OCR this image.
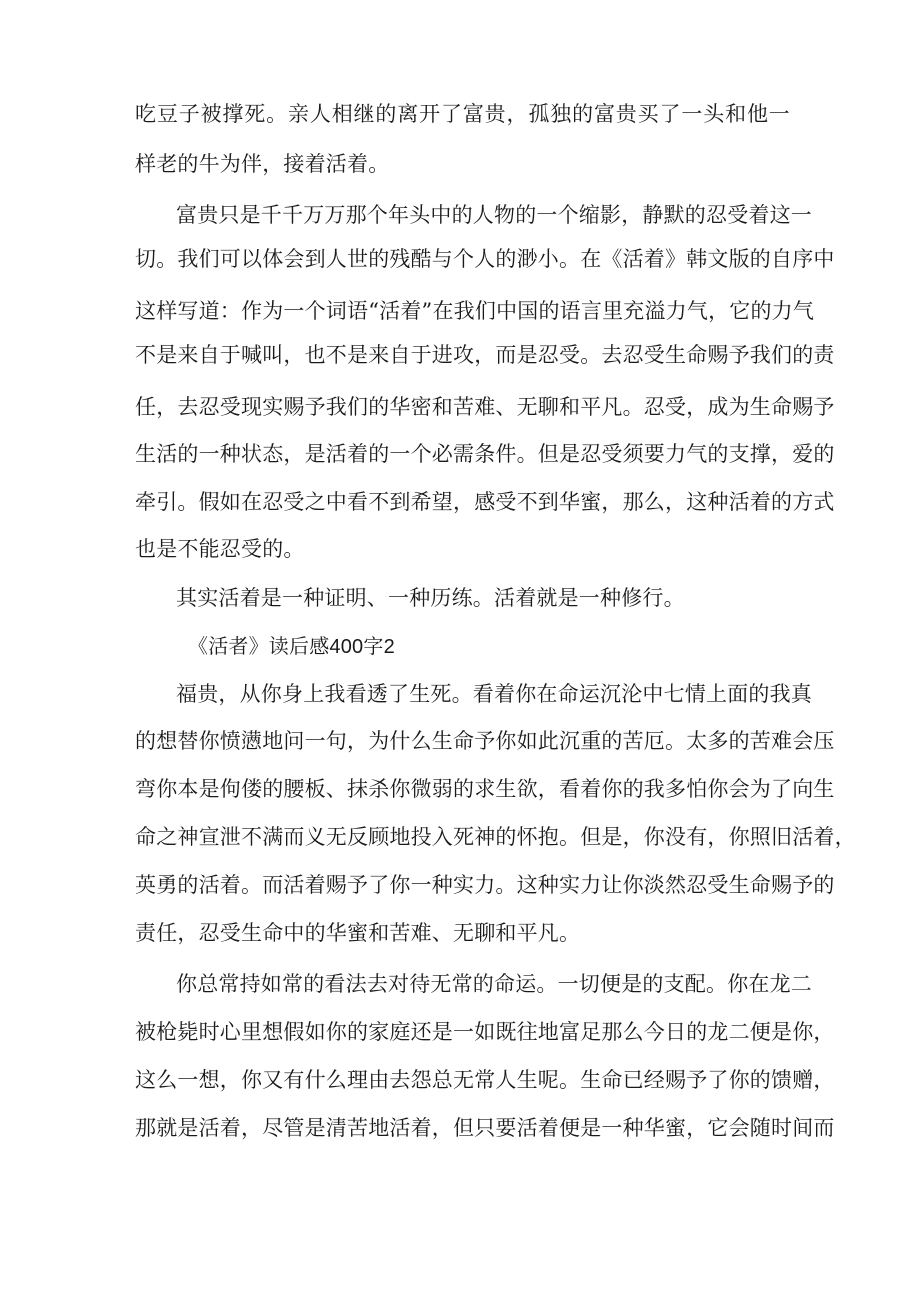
吃豆子被撑死。亲人相继的离开了富贵，孤独的富贵买了一头和他一
样老的牛为伴，接着活着。
富贵只是千千万万那个年头中的人物的一个缩影，静默的忍受着这一
切。我们可以体会到人世的残酷与个人的渺小。在《活着》韩文版的自序中
这样写道：作为一个词语“活着”在我们中国的语言里充溢力气，它的力气
不是来自于喊叫，也不是来自于进攻，而是忍受。去忍受生命赐予我们的责
任，去忍受现实赐予我们的华密和苦难、无聊和平凡。忍受，成为生命赐予
生活的一种状态，是活着的一个必需条件。但是忍受须要力气的支撑，爱的
牵引。假如在忍受之中看不到希望，感受不到华蜜，那么，这种活着的方式
也是不能忍受的。
其实活着是一种证明、一种历练。活着就是一种修行。
《活者》读后感400字2
福贵，从你身上我看透了生死。看着你在命运沉沦中七情上面的我真
的想替你愤懑地问一句，为什么生命予你如此沉重的苦厄。太多的苦难会压
弯你本是佝偻的腰板、抹杀你微弱的求生欲，看着你的我多怕你会为了向生
命之神宣泄不满而义无反顾地投入死神的怀抱。但是，你没有，你照旧活着，
英勇的活着。而活着赐予了你一种实力。这种实力让你淡然忍受生命赐予的
责任，忍受生命中的华蜜和苦难、无聊和平凡。
你总常持如常的看法去对待无常的命运。一切便是的支配。你在龙二
被枪毙时心里想假如你的家庭还是一如既往地富足那么今日的龙二便是你，
这么一想，你又有什么理由去怨总无常人生呢。生命已经赐予了你的馈赠，
那就是活着，尽管是清苦地活着，但只要活着便是一种华蜜，它会随时间而
